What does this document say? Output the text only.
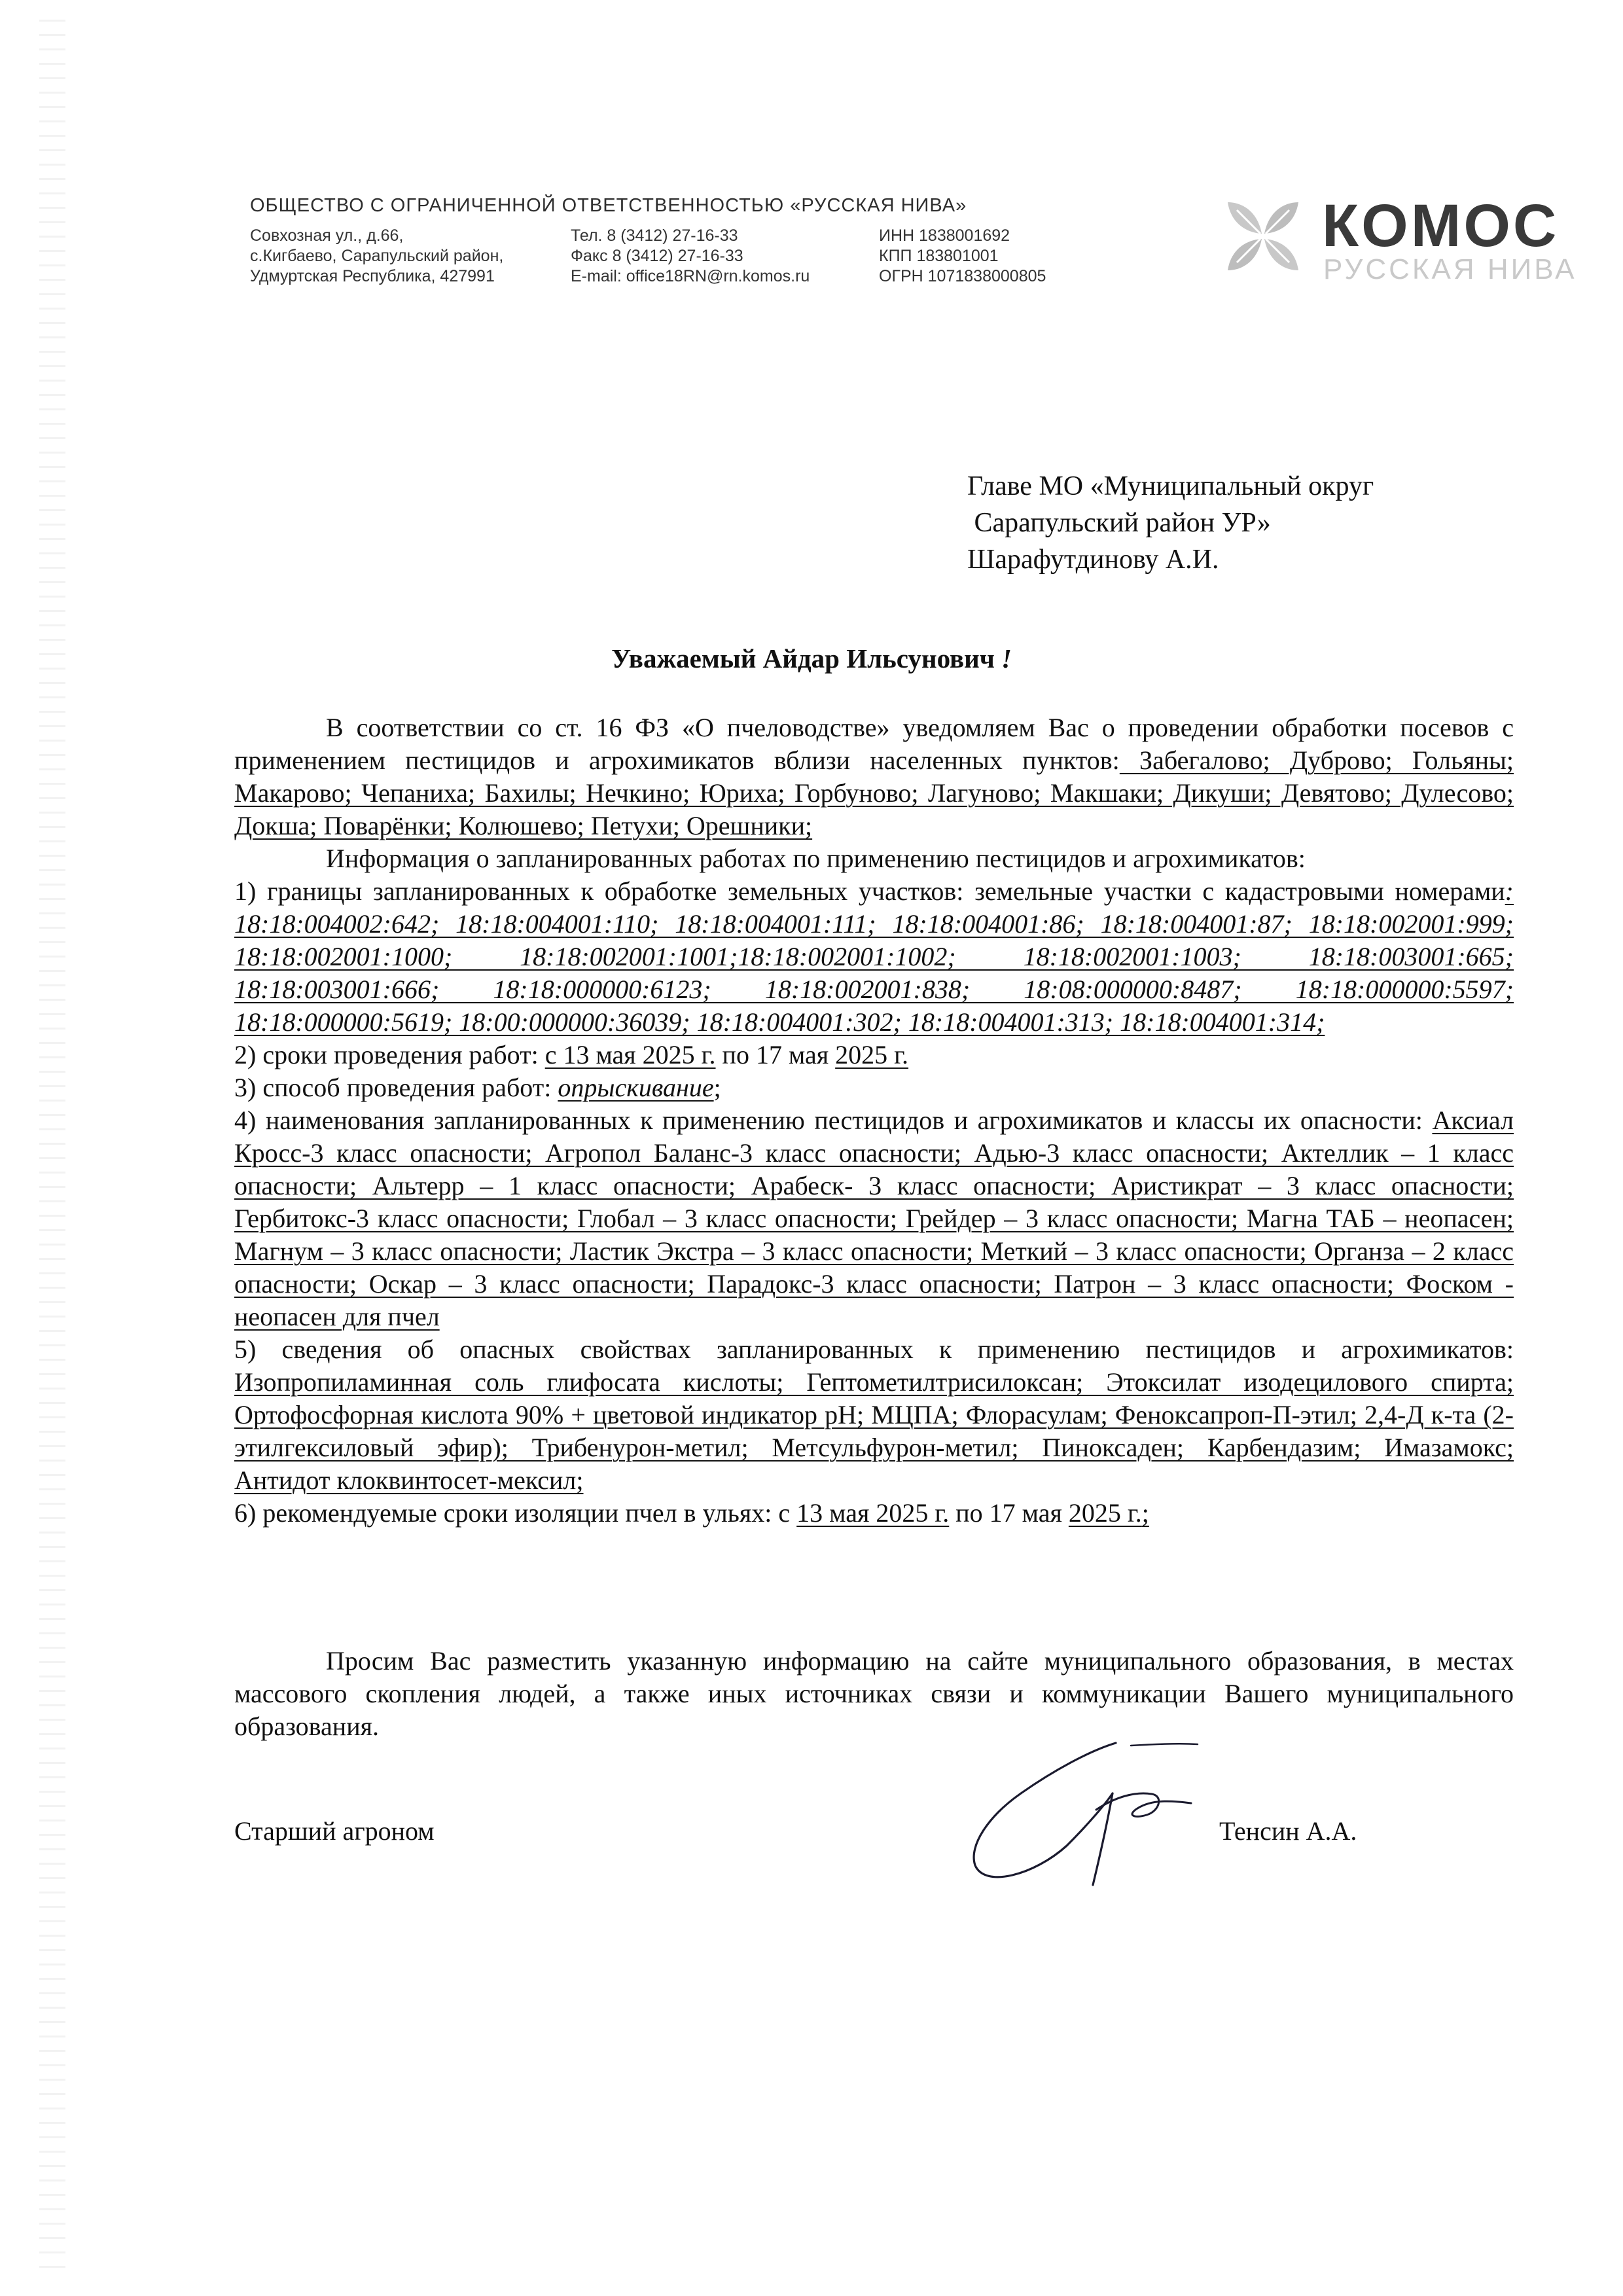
ОБЩЕСТВО С ОГРАНИЧЕННОЙ ОТВЕТСТВЕННОСТЬЮ «РУССКАЯ НИВА»
Совхозная ул., д.66,
с.Кигбаево, Сарапульский район,
Удмуртская Республика, 427991
Тел. 8 (3412) 27-16-33
Факс 8 (3412) 27-16-33
E-mail: office18RN@rn.komos.ru
ИНН 1838001692
КПП 183801001
ОГРН 1071838000805
КОМОС
РУССКАЯ НИВА
Главе МО «Муниципальный округ
Сарапульский район УР»
Шарафутдинову А.И.
Уважаемый Айдар Ильсунович !

В соответствии со ст. 16 ФЗ «О пчеловодстве» уведомляем Вас о проведении обработки посевов с применением пестицидов и агрохимикатов вблизи населенных пунктов: Забегалово; Дуброво; Гольяны; Макарово; Чепаниха; Бахилы; Нечкино; Юриха; Горбуново; Лагуново; Макшаки; Дикуши; Девятово; Дулесово; Докша; Поварёнки; Колюшево; Петухи; Орешники;

Информация о запланированных работах по применению пестицидов и агрохимикатов:

1) границы запланированных к обработке земельных участков: земельные участки с кадастровыми номерами: 18:18:004002:642; 18:18:004001:110; 18:18:004001:111; 18:18:004001:86; 18:18:004001:87; 18:18:002001:999; 18:18:002001:1000; 18:18:002001:1001;18:18:002001:1002; 18:18:002001:1003; 18:18:003001:665; 18:18:003001:666; 18:18:000000:6123; 18:18:002001:838; 18:08:000000:8487; 18:18:000000:5597; 18:18:000000:5619; 18:00:000000:36039; 18:18:004001:302; 18:18:004001:313; 18:18:004001:314;

2) сроки проведения работ: с 13 мая 2025 г. по 17 мая 2025 г.

3) способ проведения работ: опрыскивание;

4) наименования запланированных к применению пестицидов и агрохимикатов и классы их опасности: Аксиал Кросс-3 класс опасности; Агропол Баланс-3 класс опасности; Адью-3 класс опасности; Актеллик – 1 класс опасности; Альтерр – 1 класс опасности; Арабеск- 3 класс опасности; Аристикрат – 3 класс опасности; Гербитокс-3 класс опасности; Глобал – 3 класс опасности; Грейдер – 3 класс опасности; Магна ТАБ – неопасен; Магнум – 3 класс опасности; Ластик Экстра – 3 класс опасности; Меткий – 3 класс опасности; Органза – 2 класс опасности; Оскар – 3 класс опасности; Парадокс-3 класс опасности; Патрон – 3 класс опасности; Фоском - неопасен для пчел

5) сведения об опасных свойствах запланированных к применению пестицидов и агрохимикатов: Изопропиламинная соль глифосата кислоты; Гептометилтрисилоксан; Этоксилат изодецилового спирта; Ортофосфорная кислота 90% + цветовой индикатор рН; МЦПА; Флорасулам; Феноксапроп-П-этил; 2,4-Д к-та (2-этилгексиловый эфир); Трибенурон-метил; Метсульфурон-метил; Пиноксаден; Карбендазим; Имазамокс; Антидот клоквинтосет-мексил;

6) рекомендуемые сроки изоляции пчел в ульях: с 13 мая 2025 г. по 17 мая 2025 г.;

Просим Вас разместить указанную информацию на сайте муниципального образования, в местах массового скопления людей, а также иных источниках связи и коммуникации Вашего муниципального образования.

Старший агроном	Тенсин А.А.
